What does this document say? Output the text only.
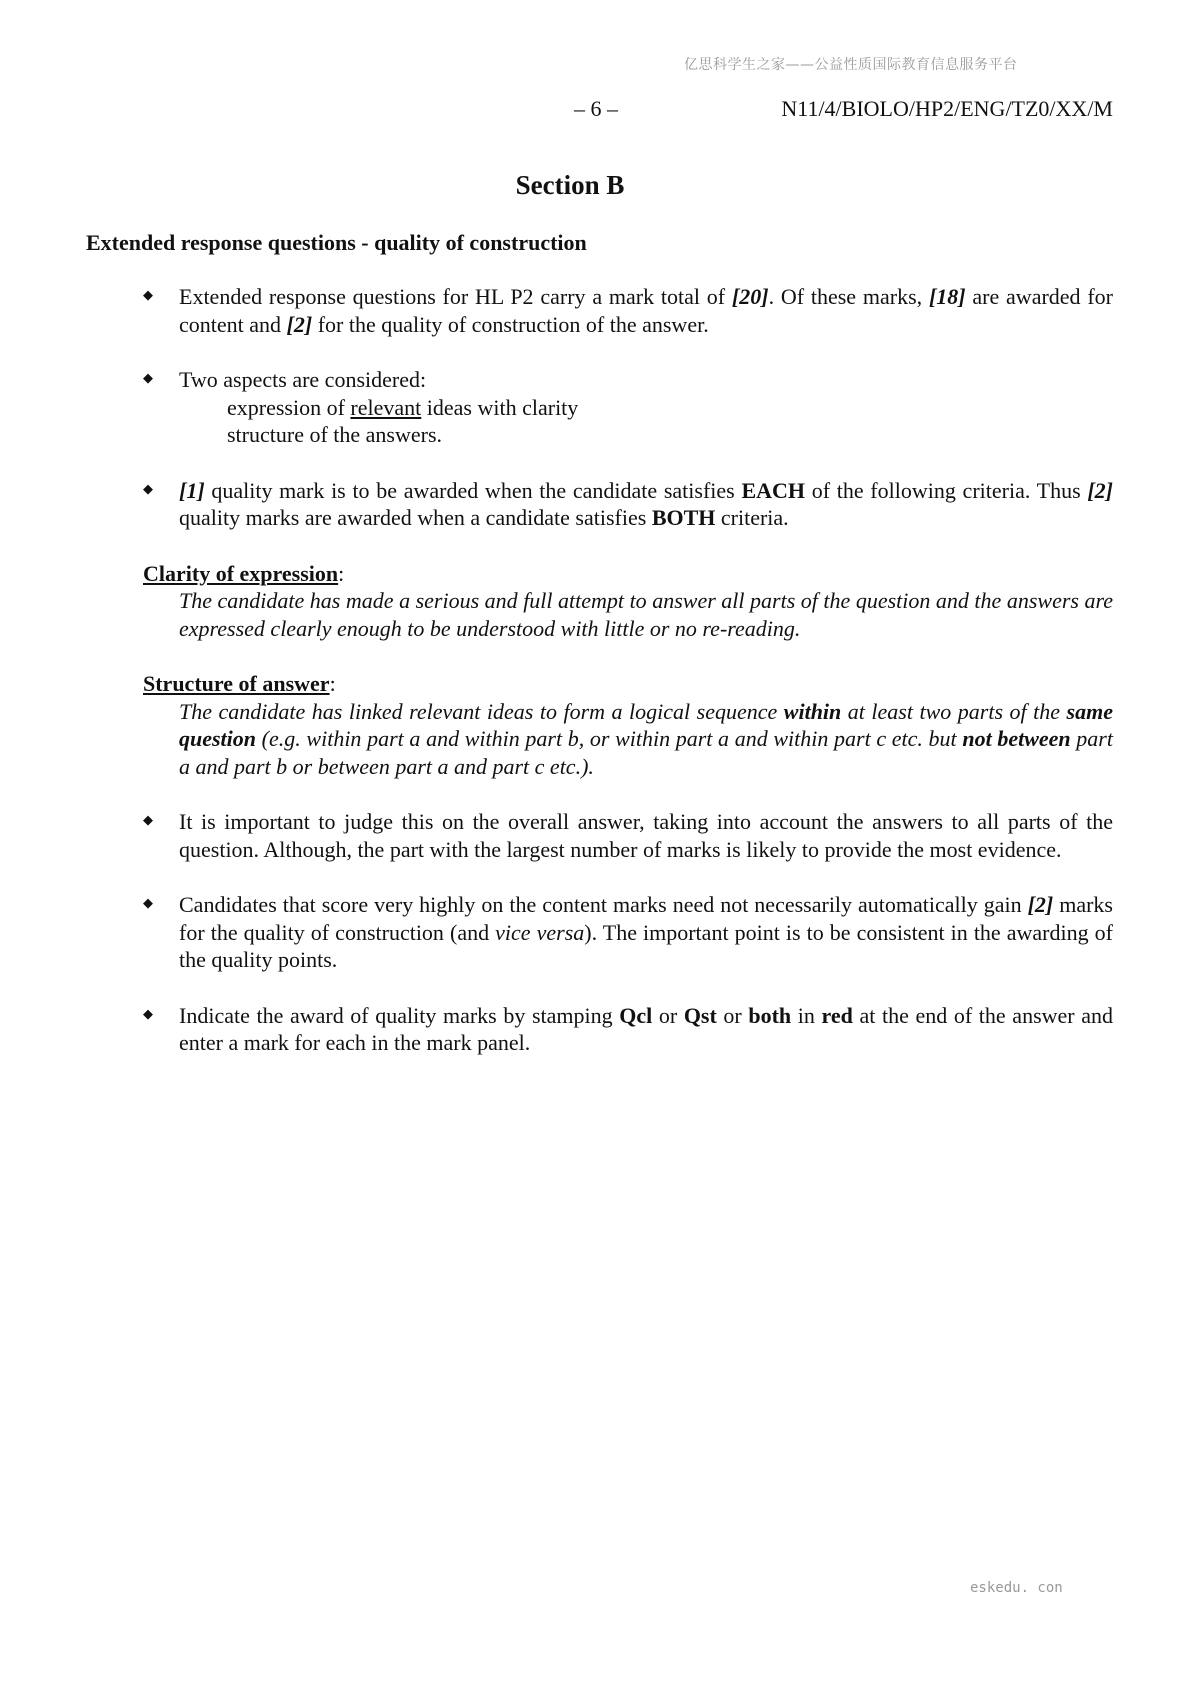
亿思科学生之家——公益性质国际教育信息服务平台
– 6 –	N11/4/BIOLO/HP2/ENG/TZ0/XX/M
Section B
Extended response questions - quality of construction
◆ Extended response questions for HL P2 carry a mark total of [20]. Of these marks, [18] are awarded for content and [2] for the quality of construction of the answer.
◆ Two aspects are considered:
expression of relevant ideas with clarity
structure of the answers.
◆ [1] quality mark is to be awarded when the candidate satisfies EACH of the following criteria. Thus [2] quality marks are awarded when a candidate satisfies BOTH criteria.
Clarity of expression:
The candidate has made a serious and full attempt to answer all parts of the question and the answers are expressed clearly enough to be understood with little or no re-reading.
Structure of answer:
The candidate has linked relevant ideas to form a logical sequence within at least two parts of the same question (e.g. within part a and within part b, or within part a and within part c etc. but not between part a and part b or between part a and part c etc.).
◆ It is important to judge this on the overall answer, taking into account the answers to all parts of the question. Although, the part with the largest number of marks is likely to provide the most evidence.
◆ Candidates that score very highly on the content marks need not necessarily automatically gain [2] marks for the quality of construction (and vice versa). The important point is to be consistent in the awarding of the quality points.
◆ Indicate the award of quality marks by stamping Qcl or Qst or both in red at the end of the answer and enter a mark for each in the mark panel.
eskedu. con
